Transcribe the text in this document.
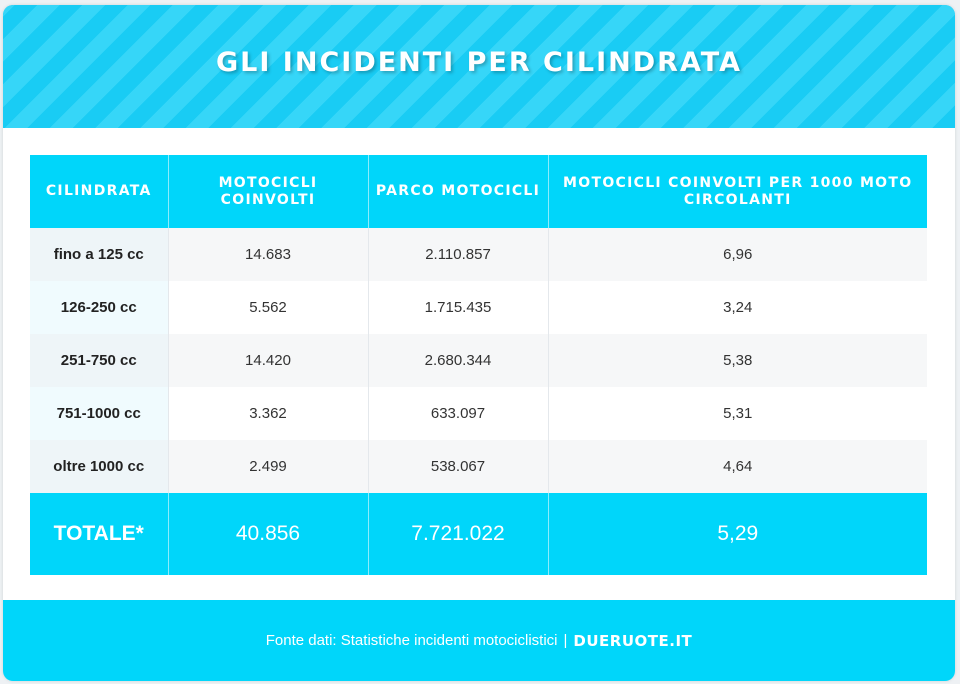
GLI INCIDENTI PER CILINDRATA
CILINDRATA	MOTOCICLI COINVOLTI	PARCO MOTOCICLI	MOTOCICLI COINVOLTI PER 1000 MOTO CIRCOLANTI
fino a 125 cc	14.683	2.110.857	6,96
126-250 cc	5.562	1.715.435	3,24
251-750 cc	14.420	2.680.344	5,38
751-1000 cc	3.362	633.097	5,31
oltre 1000 cc	2.499	538.067	4,64
TOTALE*	40.856	7.721.022	5,29
Fonte dati: Statistiche incidenti motociclistici | DUERUOTE.IT
